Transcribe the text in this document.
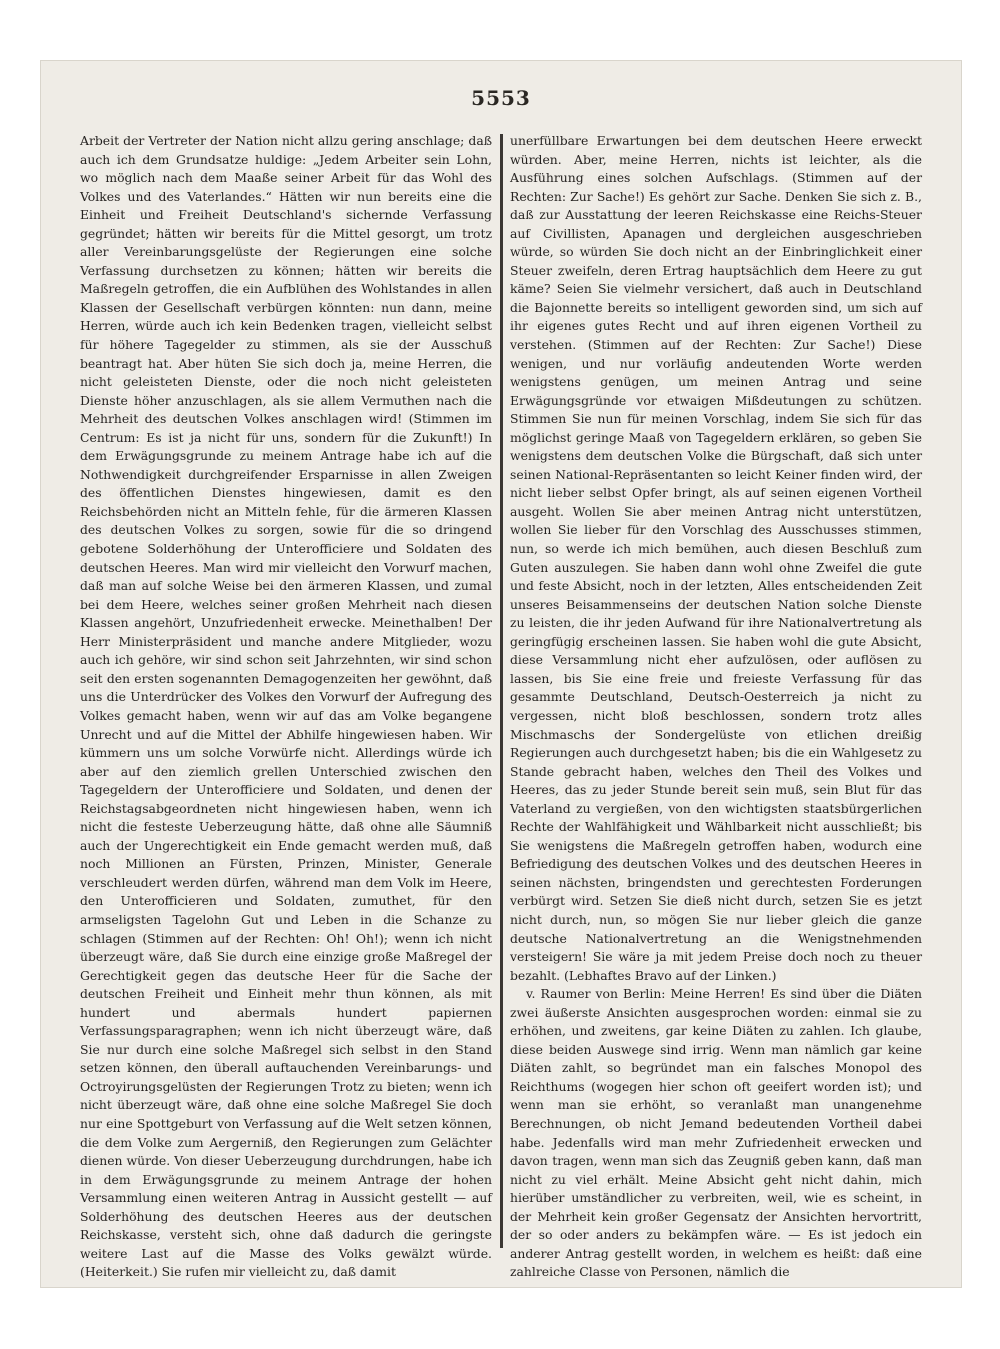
5553

Arbeit der Vertreter der Nation nicht allzu gering anschlage; daß auch ich dem Grundsatze huldige: „Jedem Arbeiter sein Lohn, wo möglich nach dem Maaße seiner Arbeit für das Wohl des Volkes und des Vaterlandes.“ Hätten wir nun bereits eine die Einheit und Freiheit Deutschland's sichernde Verfassung gegründet; hätten wir bereits für die Mittel gesorgt, um trotz aller Vereinbarungsgelüste der Regierungen eine solche Verfassung durchsetzen zu können; hätten wir bereits die Maßregeln getroffen, die ein Aufblühen des Wohlstandes in allen Klassen der Gesellschaft verbürgen könnten: nun dann, meine Herren, würde auch ich kein Bedenken tragen, vielleicht selbst für höhere Tagegelder zu stimmen, als sie der Ausschuß beantragt hat. Aber hüten Sie sich doch ja, meine Herren, die nicht geleisteten Dienste, oder die noch nicht geleisteten Dienste höher anzuschlagen, als sie allem Vermuthen nach die Mehrheit des deutschen Volkes anschlagen wird! (Stimmen im Centrum: Es ist ja nicht für uns, sondern für die Zukunft!) In dem Erwägungsgrunde zu meinem Antrage habe ich auf die Nothwendigkeit durchgreifender Ersparnisse in allen Zweigen des öffentlichen Dienstes hingewiesen, damit es den Reichsbehörden nicht an Mitteln fehle, für die ärmeren Klassen des deutschen Volkes zu sorgen, sowie für die so dringend gebotene Solderhöhung der Unterofficiere und Soldaten des deutschen Heeres. Man wird mir vielleicht den Vorwurf machen, daß man auf solche Weise bei den ärmeren Klassen, und zumal bei dem Heere, welches seiner großen Mehrheit nach diesen Klassen angehört, Unzufriedenheit erwecke. Meinethalben! Der Herr Ministerpräsident und manche andere Mitglieder, wozu auch ich gehöre, wir sind schon seit Jahrzehnten, wir sind schon seit den ersten sogenannten Demagogenzeiten her gewöhnt, daß uns die Unterdrücker des Volkes den Vorwurf der Aufregung des Volkes gemacht haben, wenn wir auf das am Volke begangene Unrecht und auf die Mittel der Abhilfe hingewiesen haben. Wir kümmern uns um solche Vorwürfe nicht. Allerdings würde ich aber auf den ziemlich grellen Unterschied zwischen den Tagegeldern der Unterofficiere und Soldaten, und denen der Reichstagsabgeordneten nicht hingewiesen haben, wenn ich nicht die festeste Ueberzeugung hätte, daß ohne alle Säumniß auch der Ungerechtigkeit ein Ende gemacht werden muß, daß noch Millionen an Fürsten, Prinzen, Minister, Generale verschleudert werden dürfen, während man dem Volk im Heere, den Unterofficieren und Soldaten, zumuthet, für den armseligsten Tagelohn Gut und Leben in die Schanze zu schlagen (Stimmen auf der Rechten: Oh! Oh!); wenn ich nicht überzeugt wäre, daß Sie durch eine einzige große Maßregel der Gerechtigkeit gegen das deutsche Heer für die Sache der deutschen Freiheit und Einheit mehr thun können, als mit hundert und abermals hundert papiernen Verfassungsparagraphen; wenn ich nicht überzeugt wäre, daß Sie nur durch eine solche Maßregel sich selbst in den Stand setzen können, den überall auftauchenden Vereinbarungs- und Octroyirungsgelüsten der Regierungen Trotz zu bieten; wenn ich nicht überzeugt wäre, daß ohne eine solche Maßregel Sie doch nur eine Spottgeburt von Verfassung auf die Welt setzen können, die dem Volke zum Aergerniß, den Regierungen zum Gelächter dienen würde. Von dieser Ueberzeugung durchdrungen, habe ich in dem Erwägungsgrunde zu meinem Antrage der hohen Versammlung einen weiteren Antrag in Aussicht gestellt — auf Solderhöhung des deutschen Heeres aus der deutschen Reichskasse, versteht sich, ohne daß dadurch die geringste weitere Last auf die Masse des Volks gewälzt würde. (Heiterkeit.) Sie rufen mir vielleicht zu, daß damit

unerfüllbare Erwartungen bei dem deutschen Heere erweckt würden. Aber, meine Herren, nichts ist leichter, als die Ausführung eines solchen Aufschlags. (Stimmen auf der Rechten: Zur Sache!) Es gehört zur Sache. Denken Sie sich z. B., daß zur Ausstattung der leeren Reichskasse eine Reichs-Steuer auf Civillisten, Apanagen und dergleichen ausgeschrieben würde, so würden Sie doch nicht an der Einbringlichkeit einer Steuer zweifeln, deren Ertrag hauptsächlich dem Heere zu gut käme? Seien Sie vielmehr versichert, daß auch in Deutschland die Bajonnette bereits so intelligent geworden sind, um sich auf ihr eigenes gutes Recht und auf ihren eigenen Vortheil zu verstehen. (Stimmen auf der Rechten: Zur Sache!) Diese wenigen, und nur vorläufig andeutenden Worte werden wenigstens genügen, um meinen Antrag und seine Erwägungsgründe vor etwaigen Mißdeutungen zu schützen. Stimmen Sie nun für meinen Vorschlag, indem Sie sich für das möglichst geringe Maaß von Tagegeldern erklären, so geben Sie wenigstens dem deutschen Volke die Bürgschaft, daß sich unter seinen National-Repräsentanten so leicht Keiner finden wird, der nicht lieber selbst Opfer bringt, als auf seinen eigenen Vortheil ausgeht. Wollen Sie aber meinen Antrag nicht unterstützen, wollen Sie lieber für den Vorschlag des Ausschusses stimmen, nun, so werde ich mich bemühen, auch diesen Beschluß zum Guten auszulegen. Sie haben dann wohl ohne Zweifel die gute und feste Absicht, noch in der letzten, Alles entscheidenden Zeit unseres Beisammenseins der deutschen Nation solche Dienste zu leisten, die ihr jeden Aufwand für ihre Nationalvertretung als geringfügig erscheinen lassen. Sie haben wohl die gute Absicht, diese Versammlung nicht eher aufzulösen, oder auflösen zu lassen, bis Sie eine freie und freieste Verfassung für das gesammte Deutschland, Deutsch-Oesterreich ja nicht zu vergessen, nicht bloß beschlossen, sondern trotz alles Mischmaschs der Sondergelüste von etlichen dreißig Regierungen auch durchgesetzt haben; bis die ein Wahlgesetz zu Stande gebracht haben, welches den Theil des Volkes und Heeres, das zu jeder Stunde bereit sein muß, sein Blut für das Vaterland zu vergießen, von den wichtigsten staatsbürgerlichen Rechte der Wahlfähigkeit und Wählbarkeit nicht ausschließt; bis Sie wenigstens die Maßregeln getroffen haben, wodurch eine Befriedigung des deutschen Volkes und des deutschen Heeres in seinen nächsten, bringendsten und gerechtesten Forderungen verbürgt wird. Setzen Sie dieß nicht durch, setzen Sie es jetzt nicht durch, nun, so mögen Sie nur lieber gleich die ganze deutsche Nationalvertretung an die Wenigstnehmenden versteigern! Sie wäre ja mit jedem Preise doch noch zu theuer bezahlt. (Lebhaftes Bravo auf der Linken.)

v. Raumer von Berlin: Meine Herren! Es sind über die Diäten zwei äußerste Ansichten ausgesprochen worden: einmal sie zu erhöhen, und zweitens, gar keine Diäten zu zahlen. Ich glaube, diese beiden Auswege sind irrig. Wenn man nämlich gar keine Diäten zahlt, so begründet man ein falsches Monopol des Reichthums (wogegen hier schon oft geeifert worden ist); und wenn man sie erhöht, so veranlaßt man unangenehme Berechnungen, ob nicht Jemand bedeutenden Vortheil dabei habe. Jedenfalls wird man mehr Zufriedenheit erwecken und davon tragen, wenn man sich das Zeugniß geben kann, daß man nicht zu viel erhält. Meine Absicht geht nicht dahin, mich hierüber umständlicher zu verbreiten, weil, wie es scheint, in der Mehrheit kein großer Gegensatz der Ansichten hervortritt, der so oder anders zu bekämpfen wäre. — Es ist jedoch ein anderer Antrag gestellt worden, in welchem es heißt: daß eine zahlreiche Classe von Personen, nämlich die
